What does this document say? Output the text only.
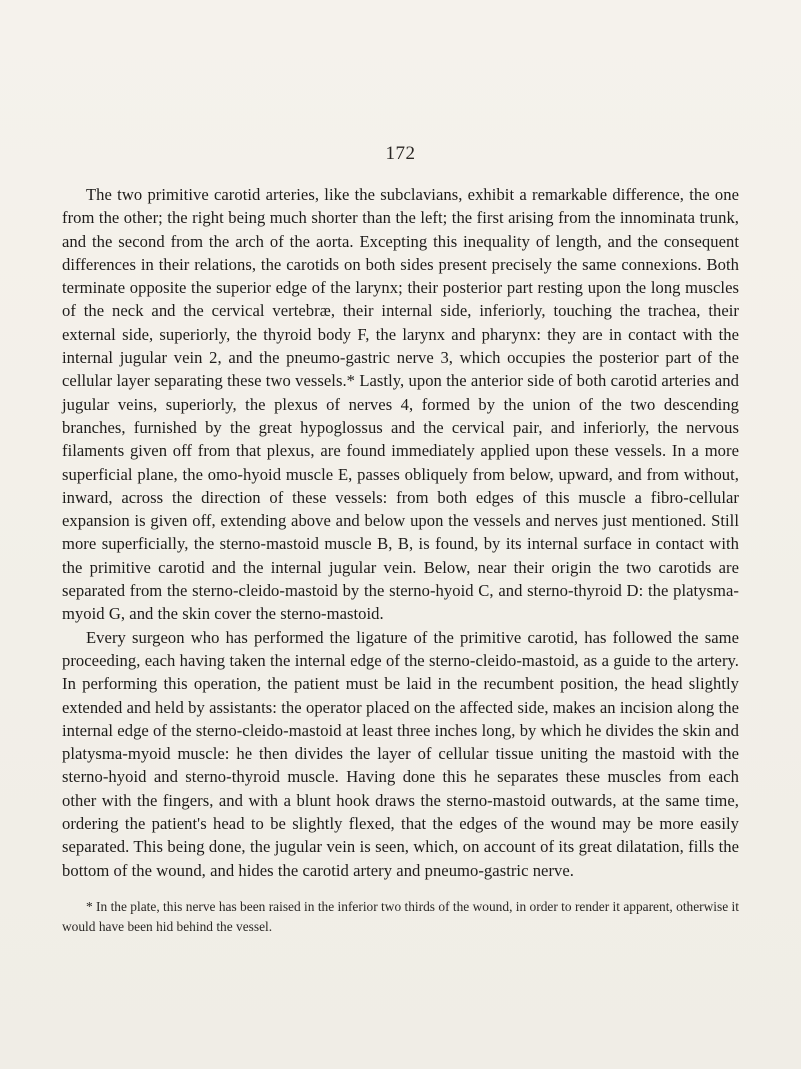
172

The two primitive carotid arteries, like the subclavians, exhibit a remarkable difference, the one from the other; the right being much shorter than the left; the first arising from the innominata trunk, and the second from the arch of the aorta. Excepting this inequality of length, and the consequent differences in their relations, the carotids on both sides present precisely the same connexions. Both terminate opposite the superior edge of the larynx; their posterior part resting upon the long muscles of the neck and the cervical vertebræ, their internal side, inferiorly, touching the trachea, their external side, superiorly, the thyroid body F, the larynx and pharynx: they are in contact with the internal jugular vein 2, and the pneumo-gastric nerve 3, which occupies the posterior part of the cellular layer separating these two vessels.* Lastly, upon the anterior side of both carotid arteries and jugular veins, superiorly, the plexus of nerves 4, formed by the union of the two descending branches, furnished by the great hypoglossus and the cervical pair, and inferiorly, the nervous filaments given off from that plexus, are found immediately applied upon these vessels. In a more superficial plane, the omo-hyoid muscle E, passes obliquely from below, upward, and from without, inward, across the direction of these vessels: from both edges of this muscle a fibro-cellular expansion is given off, extending above and below upon the vessels and nerves just mentioned. Still more superficially, the sterno-mastoid muscle B, B, is found, by its internal surface in contact with the primitive carotid and the internal jugular vein. Below, near their origin the two carotids are separated from the sterno-cleido-mastoid by the sterno-hyoid C, and sterno-thyroid D: the platysma-myoid G, and the skin cover the sterno-mastoid.

Every surgeon who has performed the ligature of the primitive carotid, has followed the same proceeding, each having taken the internal edge of the sterno-cleido-mastoid, as a guide to the artery. In performing this operation, the patient must be laid in the recumbent position, the head slightly extended and held by assistants: the operator placed on the affected side, makes an incision along the internal edge of the sterno-cleido-mastoid at least three inches long, by which he divides the skin and platysma-myoid muscle: he then divides the layer of cellular tissue uniting the mastoid with the sterno-hyoid and sterno-thyroid muscle. Having done this he separates these muscles from each other with the fingers, and with a blunt hook draws the sterno-mastoid outwards, at the same time, ordering the patient's head to be slightly flexed, that the edges of the wound may be more easily separated. This being done, the jugular vein is seen, which, on account of its great dilatation, fills the bottom of the wound, and hides the carotid artery and pneumo-gastric nerve.

* In the plate, this nerve has been raised in the inferior two thirds of the wound, in order to render it apparent, otherwise it would have been hid behind the vessel.
